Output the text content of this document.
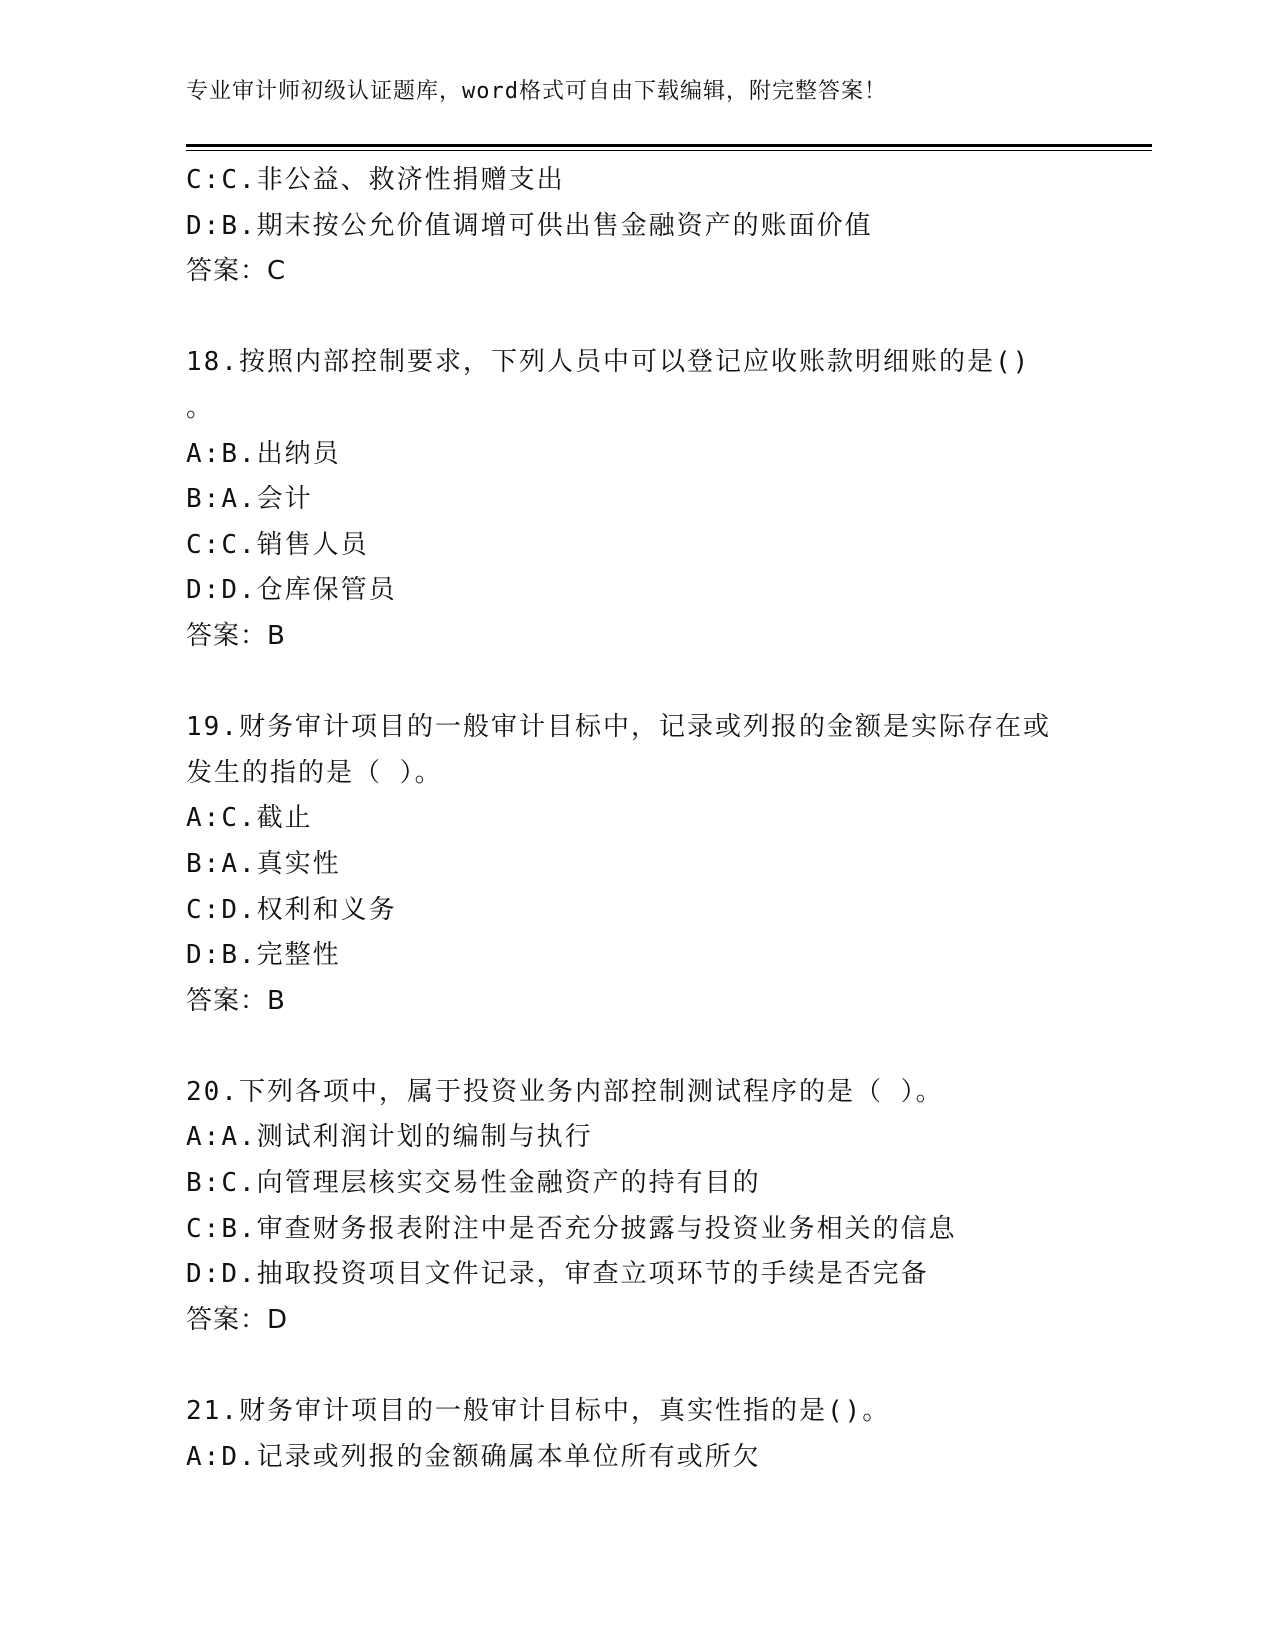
专业审计师初级认证题库，word格式可自由下载编辑，附完整答案！
C:C.非公益、救济性捐赠支出
D:B.期末按公允价值调增可供出售金融资产的账面价值
答案：C
18.按照内部控制要求，下列人员中可以登记应收账款明细账的是()
。
A:B.出纳员
B:A.会计
C:C.销售人员
D:D.仓库保管员
答案：B
19.财务审计项目的一般审计目标中，记录或列报的金额是实际存在或
发生的指的是（ ）。
A:C.截止
B:A.真实性
C:D.权利和义务
D:B.完整性
答案：B
20.下列各项中，属于投资业务内部控制测试程序的是（ ）。
A:A.测试利润计划的编制与执行
B:C.向管理层核实交易性金融资产的持有目的
C:B.审查财务报表附注中是否充分披露与投资业务相关的信息
D:D.抽取投资项目文件记录，审查立项环节的手续是否完备
答案：D
21.财务审计项目的一般审计目标中，真实性指的是()。
A:D.记录或列报的金额确属本单位所有或所欠
